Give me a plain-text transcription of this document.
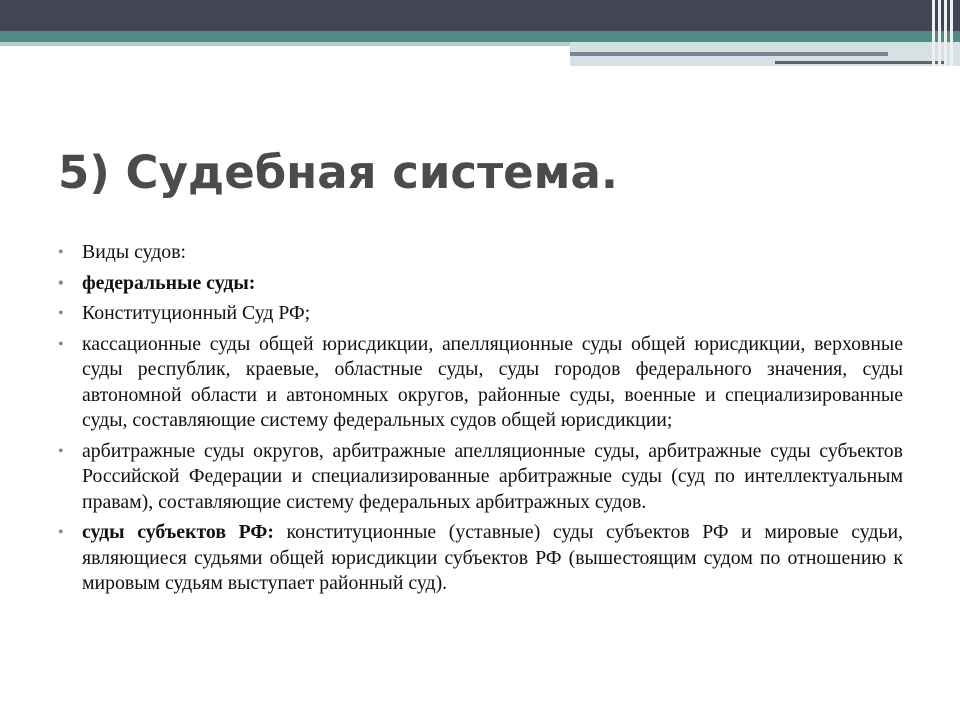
5) Судебная система.
• Виды судов:
• федеральные суды:
• Конституционный Суд РФ;
• кассационные суды общей юрисдикции, апелляционные суды общей юрисдикции, верховные суды республик, краевые, областные суды, суды городов федерального значения, суды автономной области и автономных округов, районные суды, военные и специализированные суды, составляющие систему федеральных судов общей юрисдикции;
• арбитражные суды округов, арбитражные апелляционные суды, арбитражные суды субъектов Российской Федерации и специализированные арбитражные суды (суд по интеллектуальным правам), составляющие систему федеральных арбитражных судов.
• суды субъектов РФ: конституционные (уставные) суды субъектов РФ и мировые судьи, являющиеся судьями общей юрисдикции субъектов РФ (вышестоящим судом по отношению к мировым судьям выступает районный суд).
